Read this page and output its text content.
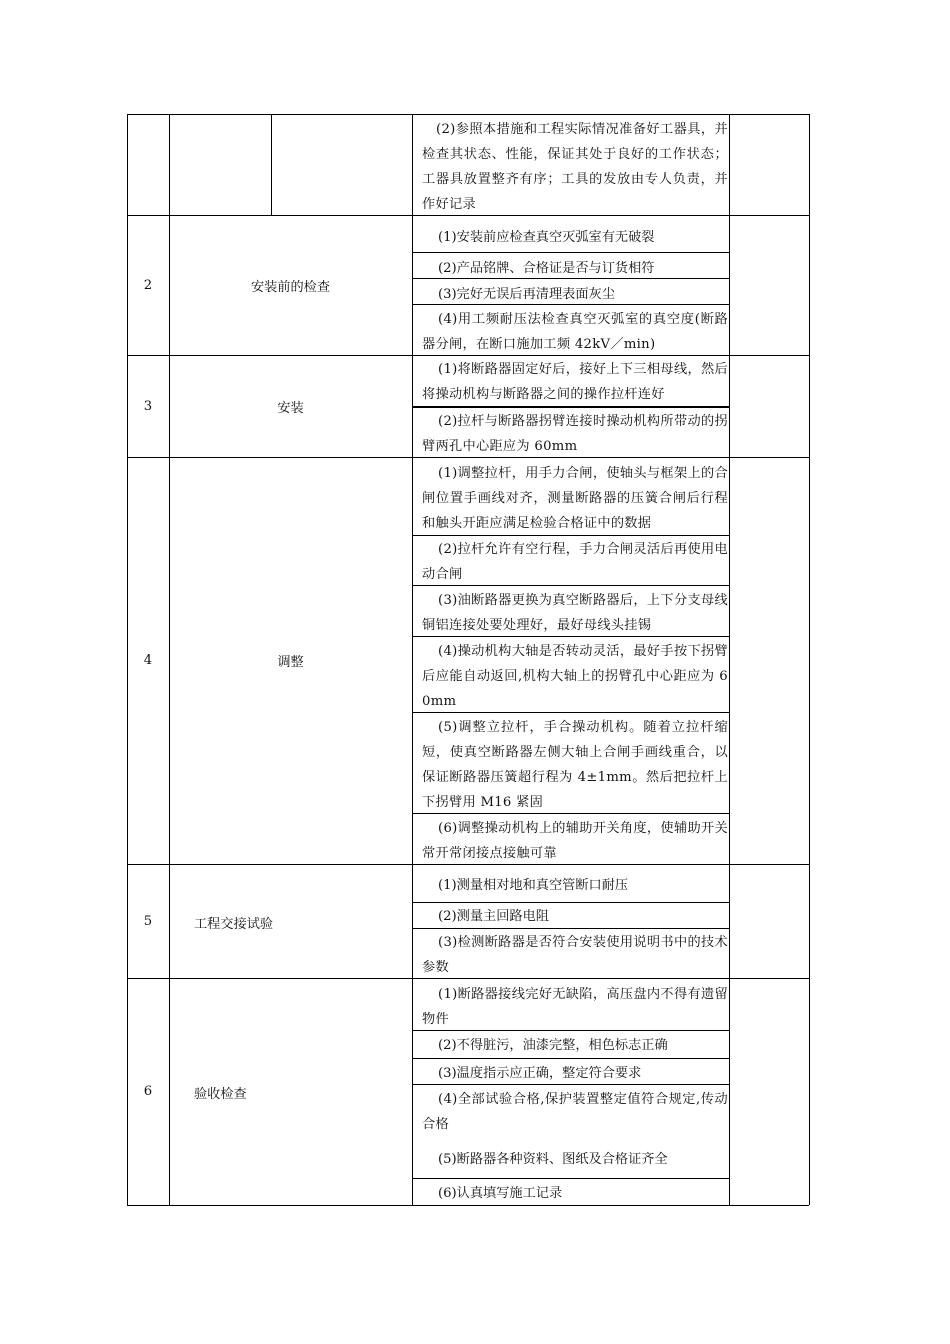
(2)参照本措施和工程实际情况准备好工器具，并检查其状态、性能，保证其处于良好的工作状态；工器具放置整齐有序；工具的发放由专人负责，并作好记录
2	安装前的检查
(1)安装前应检查真空灭弧室有无破裂
(2)产品铭牌、合格证是否与订货相符
(3)完好无误后再清理表面灰尘
(4)用工频耐压法检查真空灭弧室的真空度(断路器分闸，在断口施加工频 42kV／min)
3	安装
(1)将断路器固定好后，接好上下三相母线，然后将操动机构与断路器之间的操作拉杆连好
(2)拉杆与断路器拐臂连接时操动机构所带动的拐臂两孔中心距应为 60mm
4	调整
(1)调整拉杆，用手力合闸，使轴头与框架上的合闸位置手画线对齐，测量断路器的压簧合闸后行程和触头开距应满足检验合格证中的数据
(2)拉杆允许有空行程，手力合闸灵活后再使用电动合闸
(3)油断路器更换为真空断路器后，上下分支母线铜铝连接处要处理好，最好母线头挂锡
(4)操动机构大轴是否转动灵活，最好手按下拐臂后应能自动返回,机构大轴上的拐臂孔中心距应为 60mm
(5)调整立拉杆，手合操动机构。随着立拉杆缩短，使真空断路器左侧大轴上合闸手画线重合，以保证断路器压簧超行程为 4±1mm。然后把拉杆上下拐臂用 M16 紧固
(6)调整操动机构上的辅助开关角度，使辅助开关常开常闭接点接触可靠
5	工程交接试验
(1)测量相对地和真空管断口耐压
(2)测量主回路电阻
(3)检测断路器是否符合安装使用说明书中的技术参数
6	验收检查
(1)断路器接线完好无缺陷，高压盘内不得有遗留物件
(2)不得脏污，油漆完整，相色标志正确
(3)温度指示应正确，整定符合要求
(4)全部试验合格,保护装置整定值符合规定,传动合格
(5)断路器各种资料、图纸及合格证齐全
(6)认真填写施工记录
